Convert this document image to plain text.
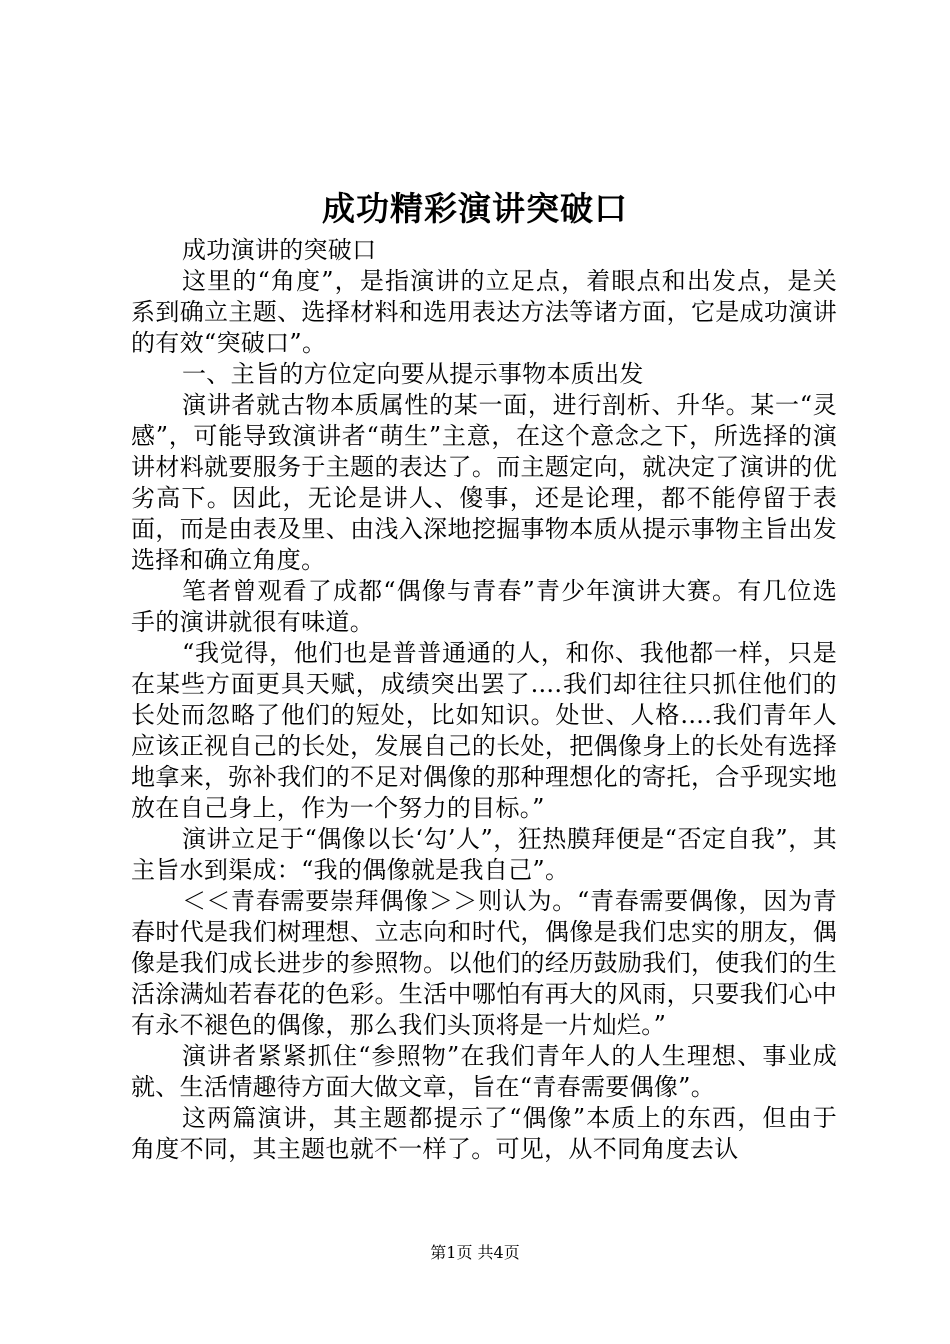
成功精彩演讲突破口

成功演讲的突破口

这里的“角度”，是指演讲的立足点，着眼点和出发点，是关系到确立主题、选择材料和选用表达方法等诸方面，它是成功演讲的有效“突破口”。

一、主旨的方位定向要从提示事物本质出发

演讲者就古物本质属性的某一面，进行剖析、升华。某一“灵感”，可能导致演讲者“萌生”主意，在这个意念之下，所选择的演讲材料就要服务于主题的表达了。而主题定向，就决定了演讲的优劣高下。因此，无论是讲人、傻事，还是论理，都不能停留于表面，而是由表及里、由浅入深地挖掘事物本质从提示事物主旨出发选择和确立角度。

笔者曾观看了成都“偶像与青春”青少年演讲大赛。有几位选手的演讲就很有味道。

“我觉得，他们也是普普通通的人，和你、我他都一样，只是在某些方面更具天赋，成绩突出罢了....我们却往往只抓住他们的长处而忽略了他们的短处，比如知识。处世、人格....我们青年人应该正视自己的长处，发展自己的长处，把偶像身上的长处有选择地拿来，弥补我们的不足对偶像的那种理想化的寄托，合乎现实地放在自己身上，作为一个努力的目标。”

演讲立足于“偶像以长‘勾’人”，狂热膜拜便是“否定自我”，其主旨水到渠成：“我的偶像就是我自己”。

＜＜青春需要崇拜偶像＞＞则认为。“青春需要偶像，因为青春时代是我们树理想、立志向和时代，偶像是我们忠实的朋友，偶像是我们成长进步的参照物。以他们的经历鼓励我们，使我们的生活涂满灿若春花的色彩。生活中哪怕有再大的风雨，只要我们心中有永不褪色的偶像，那么我们头顶将是一片灿烂。”

演讲者紧紧抓住“参照物”在我们青年人的人生理想、事业成就、生活情趣待方面大做文章，旨在“青春需要偶像”。

这两篇演讲，其主题都提示了“偶像”本质上的东西，但由于角度不同，其主题也就不一样了。可见，从不同角度去认

第1页 共4页
